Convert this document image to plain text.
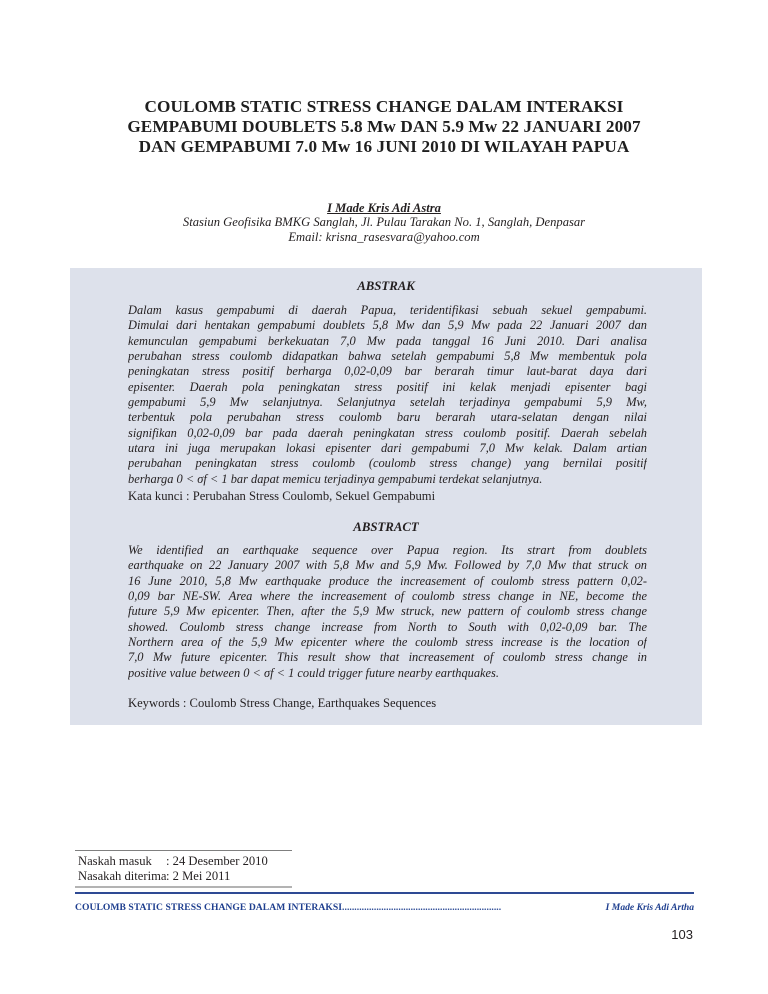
COULOMB STATIC STRESS CHANGE DALAM INTERAKSI
GEMPABUMI DOUBLETS 5.8 Mw DAN 5.9 Mw 22 JANUARI 2007
DAN GEMPABUMI 7.0 Mw 16 JUNI 2010 DI WILAYAH PAPUA
I Made Kris Adi Astra
Stasiun Geofisika BMKG Sanglah, Jl. Pulau Tarakan No. 1, Sanglah, Denpasar
Email: krisna_rasesvara@yahoo.com
ABSTRAK
Dalam kasus gempabumi di daerah Papua, teridentifikasi sebuah sekuel gempabumi.
Dimulai dari hentakan gempabumi doublets 5,8 Mw dan 5,9 Mw pada 22 Januari 2007 dan
kemunculan gempabumi berkekuatan 7,0 Mw pada tanggal 16 Juni 2010. Dari analisa
perubahan stress coulomb didapatkan bahwa setelah gempabumi 5,8 Mw membentuk pola
peningkatan stress positif berharga 0,02-0,09 bar berarah timur laut-barat daya dari
episenter. Daerah pola peningkatan stress positif ini kelak menjadi episenter bagi
gempabumi 5,9 Mw selanjutnya. Selanjutnya setelah terjadinya gempabumi 5,9 Mw,
terbentuk pola perubahan stress coulomb baru berarah utara-selatan dengan nilai
signifikan 0,02-0,09 bar pada daerah peningkatan stress coulomb positif. Daerah sebelah
utara ini juga merupakan lokasi episenter dari gempabumi 7,0 Mw kelak. Dalam artian
perubahan peningkatan stress coulomb (coulomb stress change) yang bernilai positif
berharga 0 < σf < 1 bar dapat memicu terjadinya gempabumi terdekat selanjutnya.
Kata kunci : Perubahan Stress Coulomb, Sekuel Gempabumi
ABSTRACT
We identified an earthquake sequence over Papua region. Its strart from doublets
earthquake on 22 January 2007 with 5,8 Mw and 5,9 Mw. Followed by 7,0 Mw that struck on
16 June 2010, 5,8 Mw earthquake produce the increasement of coulomb stress pattern 0,02-
0,09 bar NE-SW. Area where the increasement of coulomb stress change in NE, become the
future 5,9 Mw epicenter. Then, after the 5,9 Mw struck, new pattern of coulomb stress change
showed. Coulomb stress change increase from North to South with 0,02-0,09 bar. The
Northern area of the 5,9 Mw epicenter where the coulomb stress increase is the location of
7,0 Mw future epicenter. This result show that increasement of coulomb stress change in
positive value between 0 < σf < 1 could trigger future nearby earthquakes.
Keywords : Coulomb Stress Change, Earthquakes Sequences
Naskah masuk	: 24 Desember 2010
Nasakah diterima : 2 Mei 2011
COULOMB STATIC STRESS CHANGE DALAM INTERAKSI.................................................................	I Made Kris Adi Artha
103
